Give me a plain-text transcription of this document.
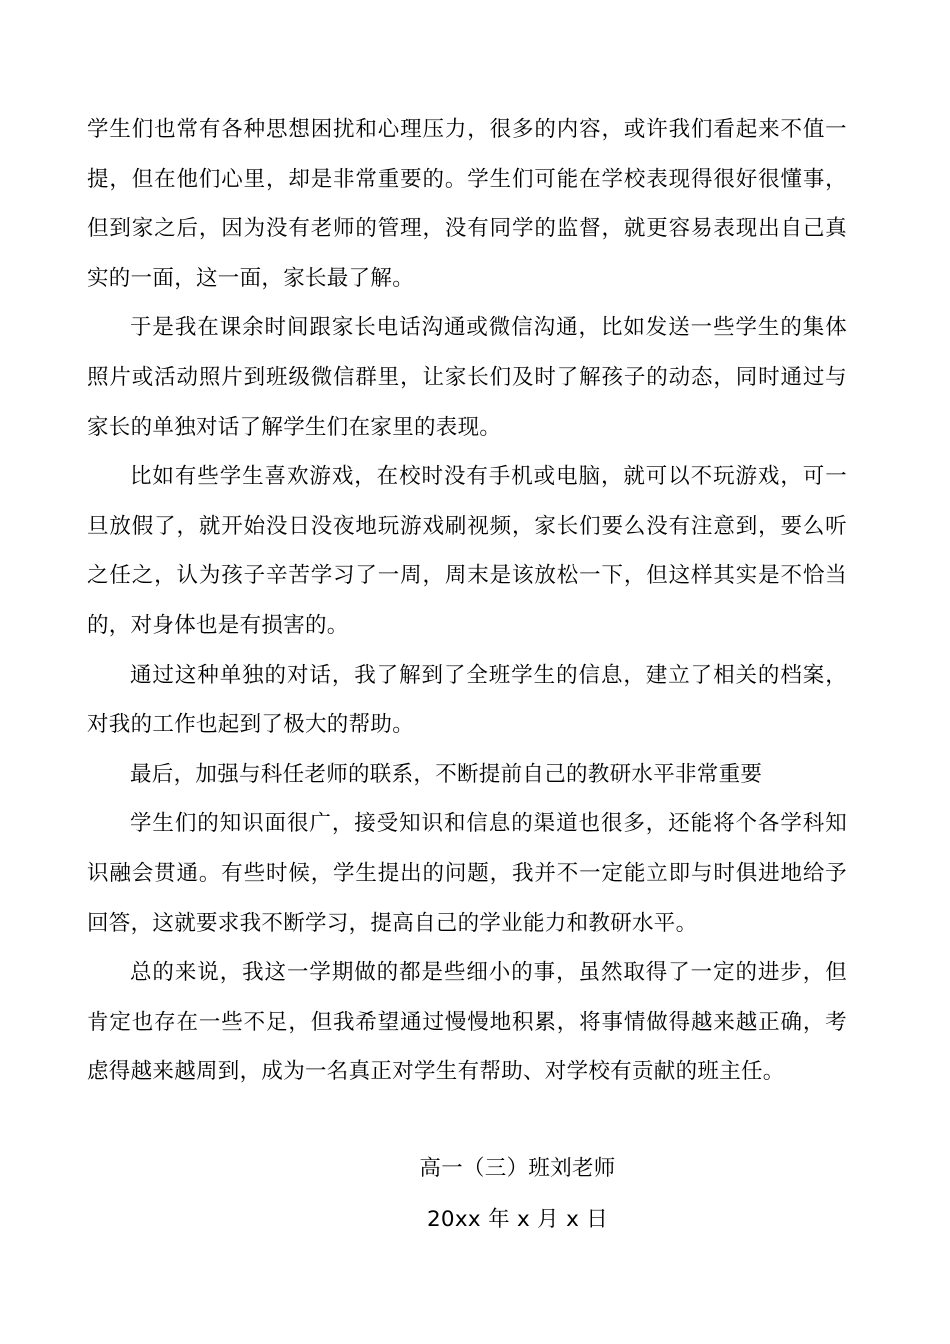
学生们也常有各种思想困扰和心理压力，很多的内容，或许我们看起来不值一提，但在他们心里，却是非常重要的。学生们可能在学校表现得很好很懂事，但到家之后，因为没有老师的管理，没有同学的监督，就更容易表现出自己真实的一面，这一面，家长最了解。

于是我在课余时间跟家长电话沟通或微信沟通，比如发送一些学生的集体照片或活动照片到班级微信群里，让家长们及时了解孩子的动态，同时通过与家长的单独对话了解学生们在家里的表现。

比如有些学生喜欢游戏，在校时没有手机或电脑，就可以不玩游戏，可一旦放假了，就开始没日没夜地玩游戏刷视频，家长们要么没有注意到，要么听之任之，认为孩子辛苦学习了一周，周末是该放松一下，但这样其实是不恰当的，对身体也是有损害的。

通过这种单独的对话，我了解到了全班学生的信息，建立了相关的档案，对我的工作也起到了极大的帮助。

最后，加强与科任老师的联系，不断提前自己的教研水平非常重要

学生们的知识面很广，接受知识和信息的渠道也很多，还能将个各学科知识融会贯通。有些时候，学生提出的问题，我并不一定能立即与时俱进地给予回答，这就要求我不断学习，提高自己的学业能力和教研水平。

总的来说，我这一学期做的都是些细小的事，虽然取得了一定的进步，但肯定也存在一些不足，但我希望通过慢慢地积累，将事情做得越来越正确，考虑得越来越周到，成为一名真正对学生有帮助、对学校有贡献的班主任。

高一（三）班刘老师
20xx 年 x 月 x 日
